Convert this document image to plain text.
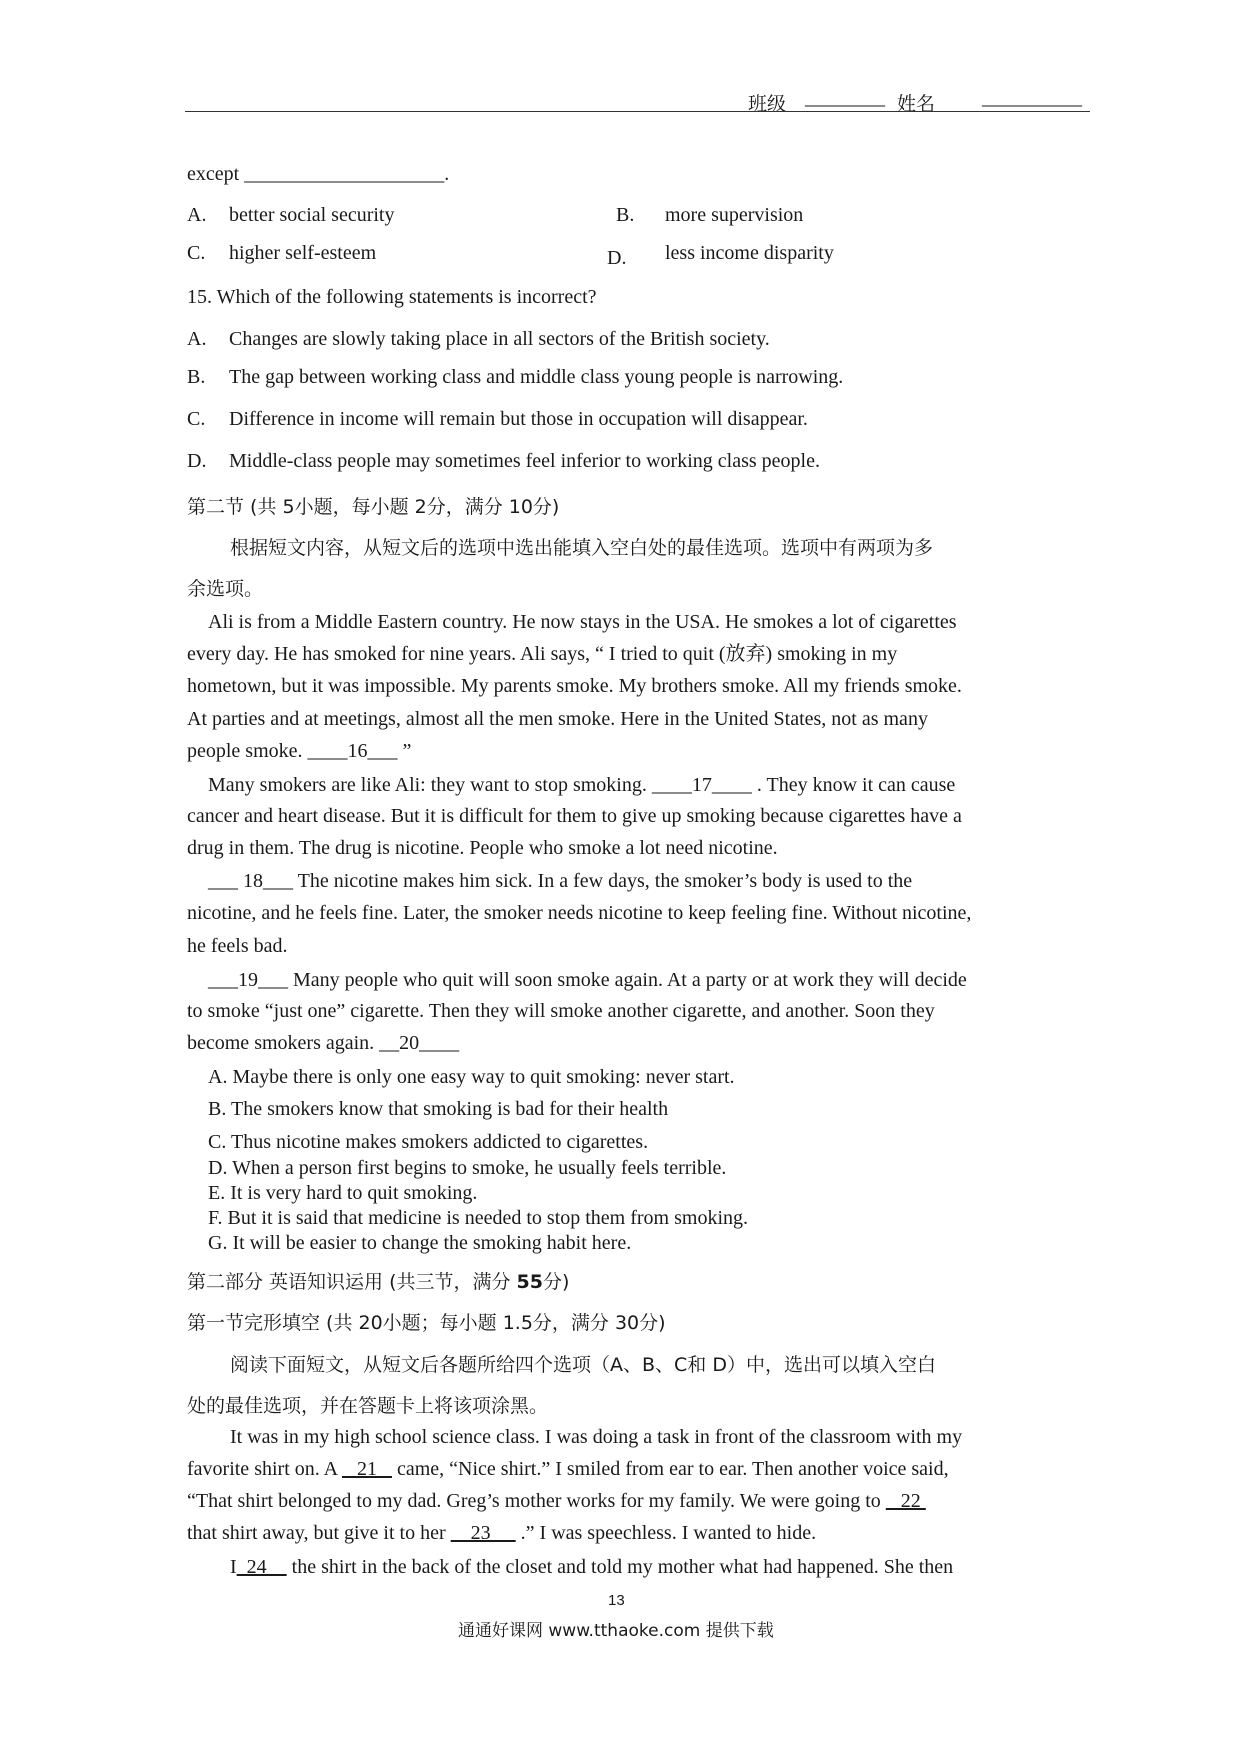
班级 ________ 姓名 __________
except ____________________.
A. better social security	B. more supervision
C. higher self-esteem	D. less income disparity
15. Which of the following statements is incorrect?
A. Changes are slowly taking place in all sectors of the British society.
B. The gap between working class and middle class young people is narrowing.
C. Difference in income will remain but those in occupation will disappear.
D. Middle-class people may sometimes feel inferior to working class people.
第二节 (共 5小题，每小题 2分，满分 10分)
根据短文内容，从短文后的选项中选出能填入空白处的最佳选项。选项中有两项为多
余选项。
Ali is from a Middle Eastern country. He now stays in the USA. He smokes a lot of cigarettes
every day. He has smoked for nine years. Ali says, “ I tried to quit (放弃) smoking in my
hometown, but it was impossible. My parents smoke. My brothers smoke. All my friends smoke.
At parties and at meetings, almost all the men smoke. Here in the United States, not as many
people smoke. ____16___ ”
Many smokers are like Ali: they want to stop smoking. ____17____ . They know it can cause
cancer and heart disease. But it is difficult for them to give up smoking because cigarettes have a
drug in them. The drug is nicotine. People who smoke a lot need nicotine.
___ 18___ The nicotine makes him sick. In a few days, the smoker’s body is used to the
nicotine, and he feels fine. Later, the smoker needs nicotine to keep feeling fine. Without nicotine,
he feels bad.
___19___ Many people who quit will soon smoke again. At a party or at work they will decide
to smoke “just one” cigarette. Then they will smoke another cigarette, and another. Soon they
become smokers again. __20____
A. Maybe there is only one easy way to quit smoking: never start.
B. The smokers know that smoking is bad for their health
C. Thus nicotine makes smokers addicted to cigarettes.
D. When a person first begins to smoke, he usually feels terrible.
E. It is very hard to quit smoking.
F. But it is said that medicine is needed to stop them from smoking.
G. It will be easier to change the smoking habit here.
第二部分 英语知识运用 (共三节，满分 55分)
第一节完形填空 (共 20小题；每小题 1.5分，满分 30分)
阅读下面短文，从短文后各题所给四个选项（A、B、C和 D）中，选出可以填入空白
处的最佳选项，并在答题卡上将该项涂黑。
It was in my high school science class. I was doing a task in front of the classroom with my
favorite shirt on. A    21    came, “Nice shirt.” I smiled from ear to ear. Then another voice said,
“That shirt belonged to my dad. Greg’s mother works for my family. We were going to    22
that shirt away, but give it to her     23      .” I was speechless. I wanted to hide.
I  24     the shirt in the back of the closet and told my mother what had happened. She then
13
通通好课网 www.tthaoke.com 提供下载
